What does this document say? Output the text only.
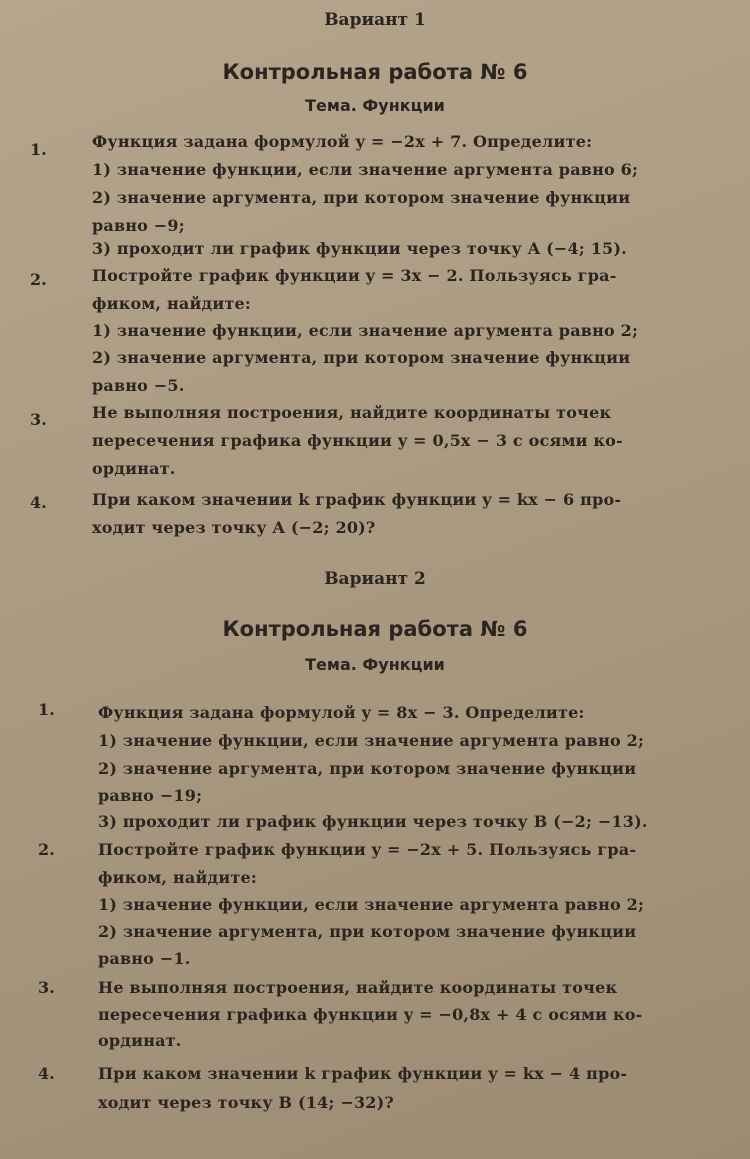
Вариант 1
Контрольная работа № 6
Тема. Функции
1.	Функция задана формулой y = −2x + 7. Определите:
1) значение функции, если значение аргумента равно 6;
2) значение аргумента, при котором значение функции
равно −9;
3) проходит ли график функции через точку A (−4; 15).
2.	Постройте график функции y = 3x − 2. Пользуясь гра-
фиком, найдите:
1) значение функции, если значение аргумента равно 2;
2) значение аргумента, при котором значение функции
равно −5.
3.	Не выполняя построения, найдите координаты точек
пересечения графика функции y = 0,5x − 3 с осями ко-
ординат.
4.	При каком значении k график функции y = kx − 6 про-
ходит через точку A (−2; 20)?
Вариант 2
Контрольная работа № 6
Тема. Функции
1.	Функция задана формулой y = 8x − 3. Определите:
1) значение функции, если значение аргумента равно 2;
2) значение аргумента, при котором значение функции
равно −19;
3) проходит ли график функции через точку B (−2; −13).
2.	Постройте график функции y = −2x + 5. Пользуясь гра-
фиком, найдите:
1) значение функции, если значение аргумента равно 2;
2) значение аргумента, при котором значение функции
равно −1.
3.	Не выполняя построения, найдите координаты точек
пересечения графика функции y = −0,8x + 4 с осями ко-
ординат.
4.	При каком значении k график функции y = kx − 4 про-
ходит через точку B (14; −32)?
